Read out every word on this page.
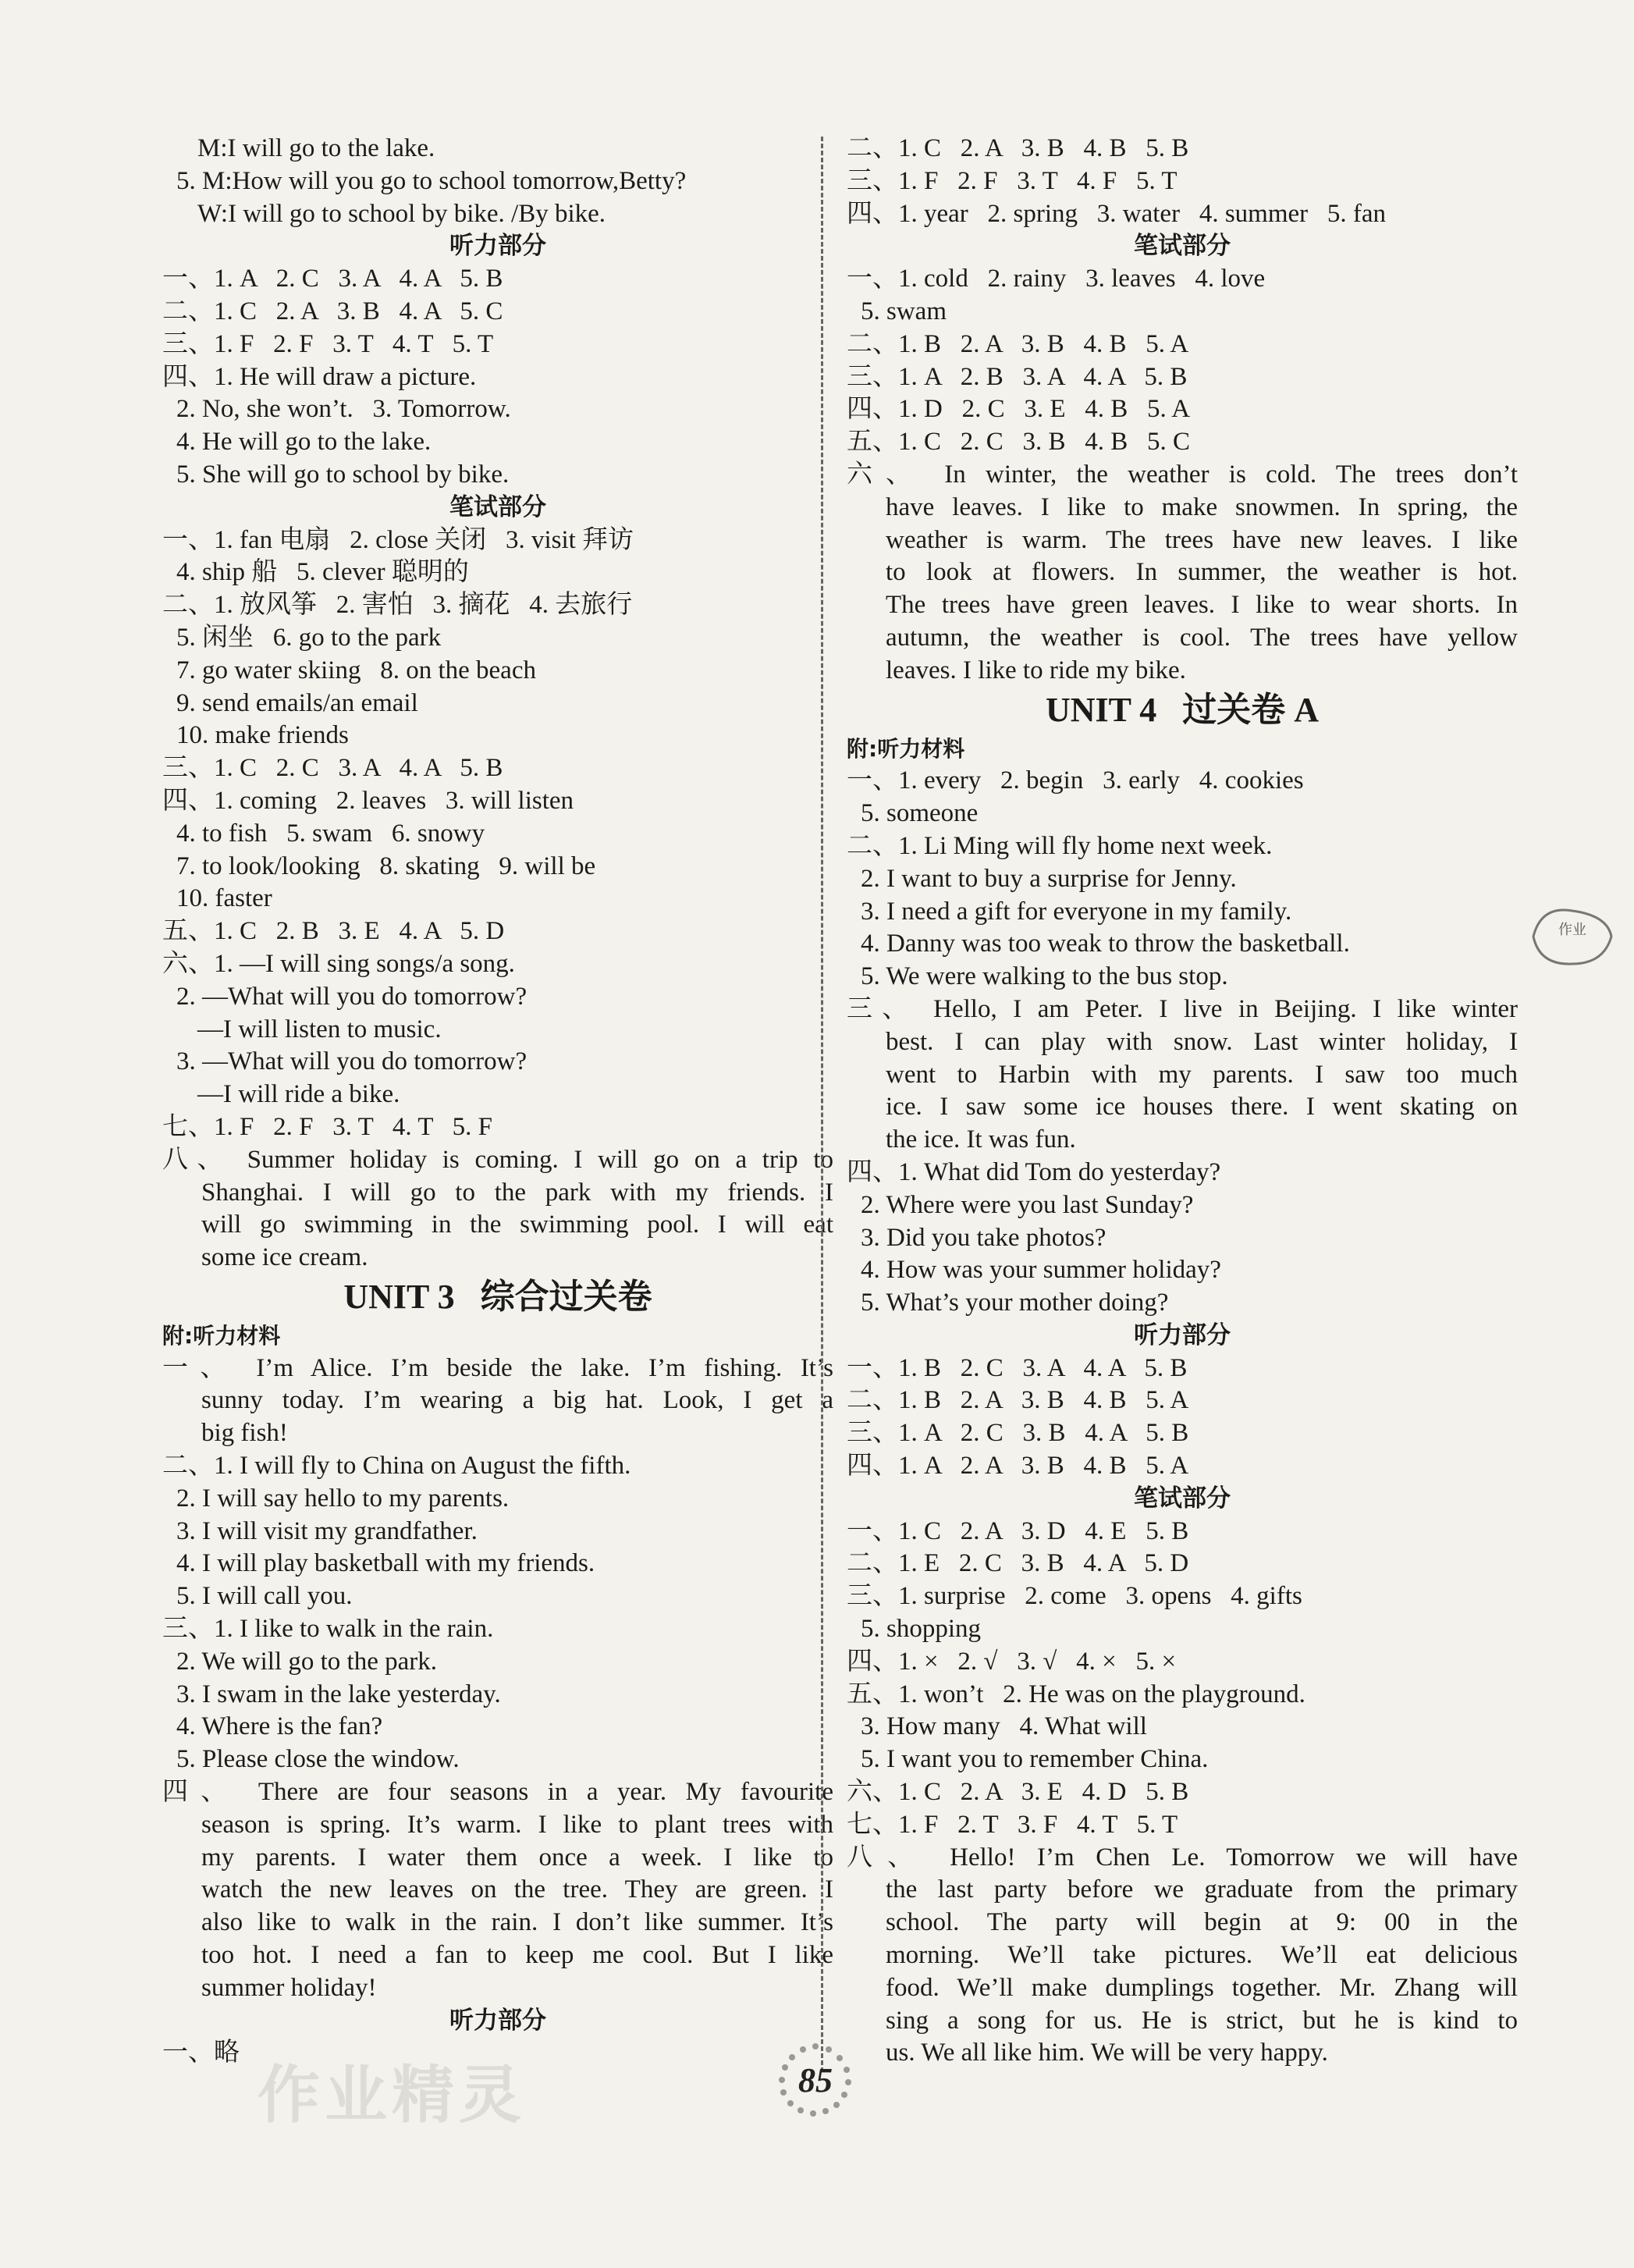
M:I will go to the lake.
5. M:How will you go to school tomorrow,Betty?
W:I will go to school by bike. /By bike.
听力部分
一、1. A   2. C   3. A   4. A   5. B
二、1. C   2. A   3. B   4. A   5. C
三、1. F   2. F   3. T   4. T   5. T
四、1. He will draw a picture.
2. No, she won’t.   3. Tomorrow.
4. He will go to the lake.
5. She will go to school by bike.
笔试部分
一、1. fan 电扇   2. close 关闭   3. visit 拜访
4. ship 船   5. clever 聪明的
二、1. 放风筝   2. 害怕   3. 摘花   4. 去旅行
5. 闲坐   6. go to the park
7. go water skiing   8. on the beach
9. send emails/an email
10. make friends
三、1. C   2. C   3. A   4. A   5. B
四、1. coming   2. leaves   3. will listen
4. to fish   5. swam   6. snowy
7. to look/looking   8. skating   9. will be
10. faster
五、1. C   2. B   3. E   4. A   5. D
六、1. —I will sing songs/a song.
2. —What will you do tomorrow?
—I will listen to music.
3. —What will you do tomorrow?
—I will ride a bike.
七、1. F   2. F   3. T   4. T   5. F
八、 Summer holiday is coming. I will go on a trip to
Shanghai. I will go to the park with my friends. I
will go swimming in the swimming pool. I will eat
some ice cream.
UNIT 3   综合过关卷
附:听力材料
一、 I’m Alice. I’m beside the lake. I’m fishing. It’s
sunny today. I’m wearing a big hat. Look, I get a
big fish!
二、1. I will fly to China on August the fifth.
2. I will say hello to my parents.
3. I will visit my grandfather.
4. I will play basketball with my friends.
5. I will call you.
三、1. I like to walk in the rain.
2. We will go to the park.
3. I swam in the lake yesterday.
4. Where is the fan?
5. Please close the window.
四、 There are four seasons in a year. My favourite
season is spring. It’s warm. I like to plant trees with
my parents. I water them once a week. I like to
watch the new leaves on the tree. They are green. I
also like to walk in the rain. I don’t like summer. It’s
too hot. I need a fan to keep me cool. But I like
summer holiday!
听力部分
一、略
二、1. C   2. A   3. B   4. B   5. B
三、1. F   2. F   3. T   4. F   5. T
四、1. year   2. spring   3. water   4. summer   5. fan
笔试部分
一、1. cold   2. rainy   3. leaves   4. love
5. swam
二、1. B   2. A   3. B   4. B   5. A
三、1. A   2. B   3. A   4. A   5. B
四、1. D   2. C   3. E   4. B   5. A
五、1. C   2. C   3. B   4. B   5. C
六、 In winter, the weather is cold. The trees don’t
have leaves. I like to make snowmen. In spring, the
weather is warm. The trees have new leaves. I like
to look at flowers. In summer, the weather is hot.
The trees have green leaves. I like to wear shorts. In
autumn, the weather is cool. The trees have yellow
leaves. I like to ride my bike.
UNIT 4   过关卷 A
附:听力材料
一、1. every   2. begin   3. early   4. cookies
5. someone
二、1. Li Ming will fly home next week.
2. I want to buy a surprise for Jenny.
3. I need a gift for everyone in my family.
4. Danny was too weak to throw the basketball.
5. We were walking to the bus stop.
三、 Hello, I am Peter. I live in Beijing. I like winter
best. I can play with snow. Last winter holiday, I
went to Harbin with my parents. I saw too much
ice. I saw some ice houses there. I went skating on
the ice. It was fun.
四、1. What did Tom do yesterday?
2. Where were you last Sunday?
3. Did you take photos?
4. How was your summer holiday?
5. What’s your mother doing?
听力部分
一、1. B   2. C   3. A   4. A   5. B
二、1. B   2. A   3. B   4. B   5. A
三、1. A   2. C   3. B   4. A   5. B
四、1. A   2. A   3. B   4. B   5. A
笔试部分
一、1. C   2. A   3. D   4. E   5. B
二、1. E   2. C   3. B   4. A   5. D
三、1. surprise   2. come   3. opens   4. gifts
5. shopping
四、1. ×   2. √   3. √   4. ×   5. ×
五、1. won’t   2. He was on the playground.
3. How many   4. What will
5. I want you to remember China.
六、1. C   2. A   3. E   4. D   5. B
七、1. F   2. T   3. F   4. T   5. T
八、 Hello! I’m Chen Le. Tomorrow we will have
the last party before we graduate from the primary
school. The party will begin at 9: 00 in the
morning. We’ll take pictures. We’ll eat delicious
food. We’ll make dumplings together. Mr. Zhang will
sing a song for us. He is strict, but he is kind to
us. We all like him. We will be very happy.
作业精灵
作业
85
